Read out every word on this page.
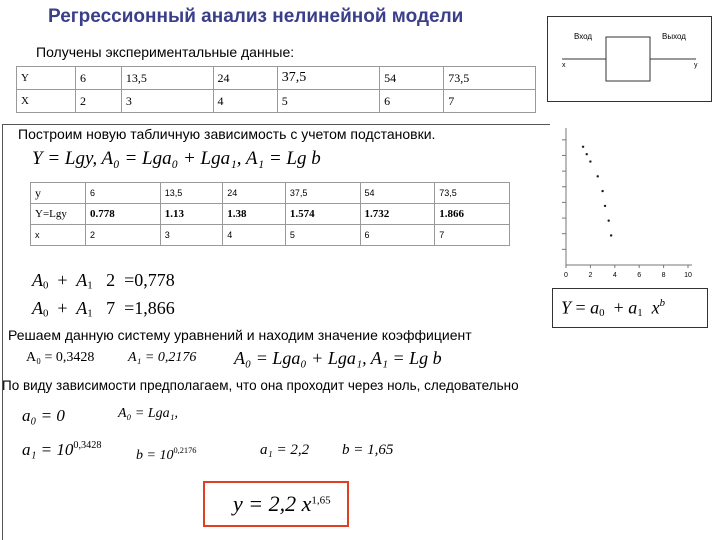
Регрессионный анализ нелинейной модели
Получены экспериментальные данные:
Y	6	13,5	24	37,5	54	73,5
X	2	3	4	5	6	7
Вход	Выход
x	y
Построим новую табличную зависимость с учетом подстановки.
Y = Lgy, A₀ = Lga₀ + Lga₁, A₁ = Lg b
y	6	13,5	24	37,5	54	73,5
Y=Lgy	0.778	1.13	1.38	1.574	1.732	1.866
x	2	3	4	5	6	7
$A_0 + A_1$ 2 =0,778
$A_0 + A_1$ 7 =1,866
0	2	4	6	8	10
$Y = a_0 + a_1$ $x^b$
Решаем данную систему уравнений и находим значение коэффициент
A₀ = 0,3428 A₁ = 0,2176 A₀ = Lga₀ + Lga₁, A₁ = Lg b
По виду зависимости предполагаем, что она проходит через ноль, следовательно
a₀ = 0	A₀ = Lga₁,
$a_1 = 10^{0,3428}$
$b = 10^{0,2176}$	a₁ = 2,2 b = 1,65
y = 2,2 $x^{1,65}$
